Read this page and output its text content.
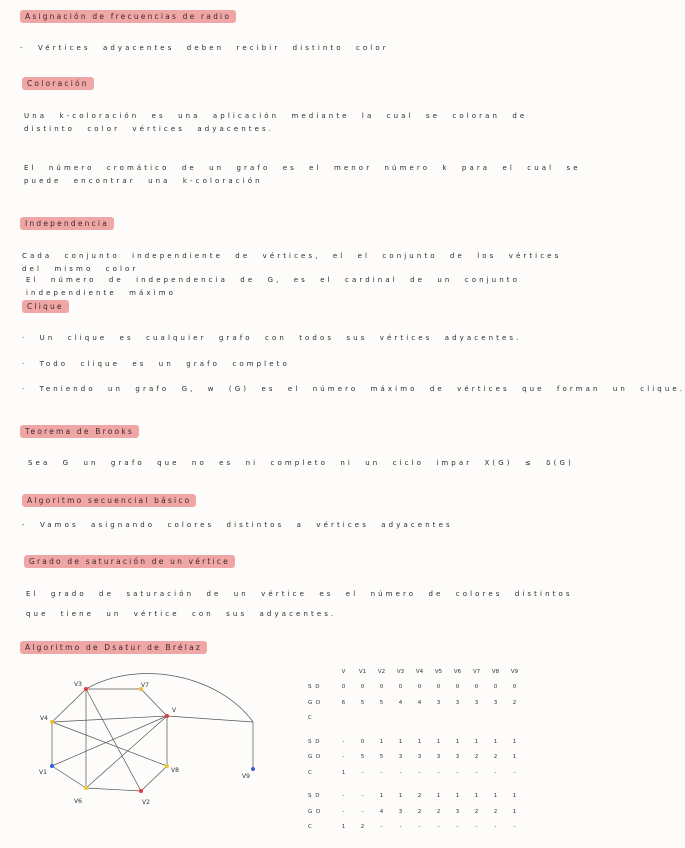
Asignación de frecuencias de radio
- Vértices adyacentes deben recibir distinto color
Coloración
Una k-coloración es una aplicación mediante la cual se coloran de distinto color vértices adyacentes.
El número cromático de un grafo es el menor número k para el cual se puede encontrar una k-coloración
Independencia
Cada conjunto independiente de vértices, el el conjunto de los vértices del mismo color
El número de independencia de G, es el cardinal de un conjunto independiente máximo
Clique
· Un clique es cualquier grafo con todos sus vértices adyacentes.
· Todo clique es un grafo completo
· Teniendo un grafo G, w (G) es el número máximo de vértices que forman un clique.
Teorema de Brooks
Sea G un grafo que no es ni completo ni un ciclo impar X(G) ≤ δ(G)
Algoritmo secuencial básico
- Vamos asignando colores distintos a vértices adyacentes
Grado de saturación de un vértice
El grado de saturación de un vértice es el número de colores distintos que tiene un vértice con sus adyacentes.
Algoritmo de Dsatur de Brélaz
V3	V7
V
V4
V1	V8
V6	V2
V9
	V	V1	V2	V3	V4	V5	V6	V7	V8	V9
S D	0	0	0	0	0	0	0	0	0	0
G D	6	5	5	4	4	3	3	3	3	2
C										

S D	-	0	1	1	1	1	1	1	1	1
G D	-	5	5	3	3	3	3	2	2	1
C	1	-	-	-	-	-	-	-	-	-

S D	-	-	1	1	2	1	1	1	1	1
G D	-	-	4	3	2	2	3	2	2	1
C	1	2	-	-	-	-	-	-	-	-
